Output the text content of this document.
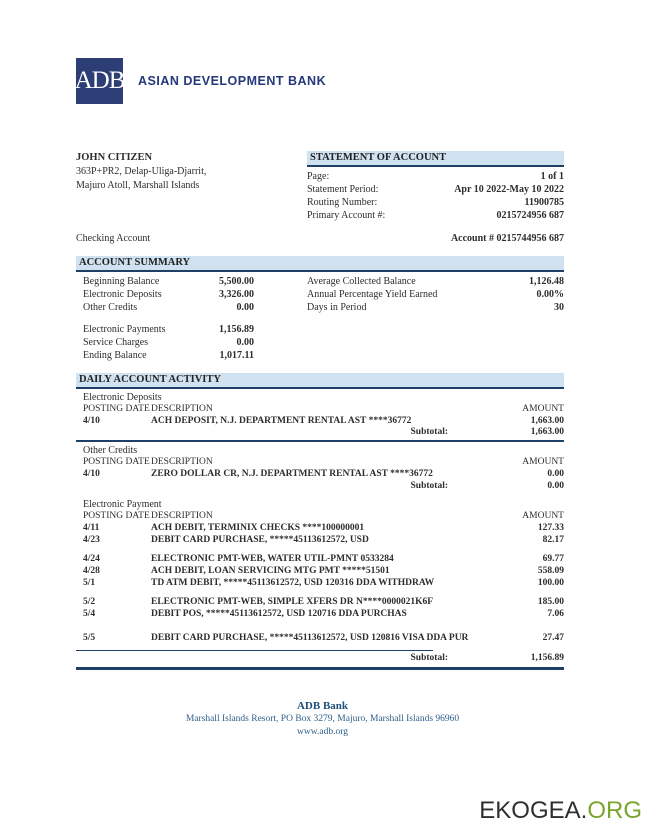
ADB ASIAN DEVELOPMENT BANK
JOHN CITIZEN
363P+PR2, Delap-Uliga-Djarrit,
Majuro Atoll, Marshall Islands
STATEMENT OF ACCOUNT
Page:	1 of 1
Statement Period:	Apr 10 2022-May 10 2022
Routing Number:	11900785
Primary Account #:	0215724956 687
Checking Account	Account # 0215744956 687
ACCOUNT SUMMARY
Beginning Balance	5,500.00
Electronic Deposits	3,326.00
Other Credits	0.00
Electronic Payments	1,156.89
Service Charges	0.00
Ending Balance	1,017.11
Average Collected Balance	1,126.48
Annual Percentage Yield Earned	0.00%
Days in Period	30
DAILY ACCOUNT ACTIVITY
Electronic Deposits
POSTING DATE DESCRIPTION	AMOUNT
4/10	ACH DEPOSIT, N.J. DEPARTMENT RENTAL AST ****36772	1,663.00
Subtotal:	1,663.00
Other Credits
POSTING DATE DESCRIPTION	AMOUNT
4/10	ZERO DOLLAR CR, N.J. DEPARTMENT RENTAL AST ****36772	0.00
Subtotal:	0.00
Electronic Payment
POSTING DATE DESCRIPTION	AMOUNT
4/11	ACH DEBIT, TERMINIX CHECKS ****100000001	127.33
4/23	DEBIT CARD PURCHASE, *****45113612572, USD	82.17
4/24	ELECTRONIC PMT-WEB, WATER UTIL-PMNT 0533284	69.77
4/28	ACH DEBIT, LOAN SERVICING MTG PMT *****51501	558.09
5/1	TD ATM DEBIT, *****45113612572, USD 120316 DDA WITHDRAW	100.00
5/2	ELECTRONIC PMT-WEB, SIMPLE XFERS DR N****0000021K6F	185.00
5/4	DEBIT POS, *****45113612572, USD 120716 DDA PURCHAS	7.06
5/5	DEBIT CARD PURCHASE, *****45113612572, USD 120816 VISA DDA PUR	27.47
Subtotal:	1,156.89
ADB Bank
Marshall Islands Resort, PO Box 3279, Majuro, Marshall Islands 96960
www.adb.org
EKOGEA.ORG
